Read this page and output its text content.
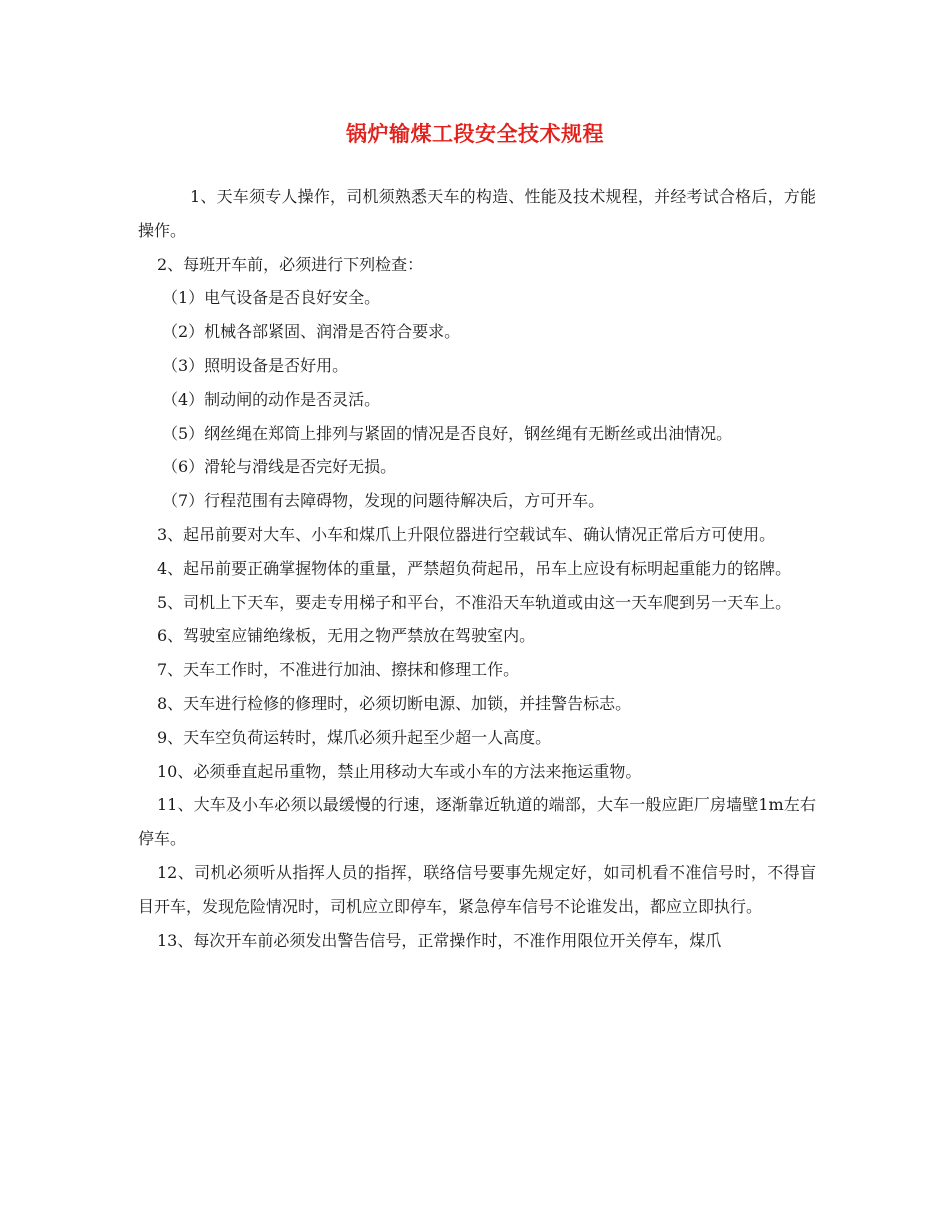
锅炉输煤工段安全技术规程

1、天车须专人操作，司机须熟悉天车的构造、性能及技术规程，并经考试合格后，方能操作。

2、每班开车前，必须进行下列检查：

（1）电气设备是否良好安全。

（2）机械各部紧固、润滑是否符合要求。

（3）照明设备是否好用。

（4）制动闸的动作是否灵活。

（5）纲丝绳在郑筒上排列与紧固的情况是否良好，钢丝绳有无断丝或出油情况。

（6）滑轮与滑线是否完好无损。

（7）行程范围有去障碍物，发现的问题待解决后，方可开车。

3、起吊前要对大车、小车和煤爪上升限位器进行空载试车、确认情况正常后方可使用。

4、起吊前要正确掌握物体的重量，严禁超负荷起吊，吊车上应设有标明起重能力的铭牌。

5、司机上下天车，要走专用梯子和平台，不准沿天车轨道或由这一天车爬到另一天车上。

6、驾驶室应铺绝缘板，无用之物严禁放在驾驶室内。

7、天车工作时，不准进行加油、擦抹和修理工作。

8、天车进行检修的修理时，必须切断电源、加锁，并挂警告标志。

9、天车空负荷运转时，煤爪必须升起至少超一人高度。

10、必须垂直起吊重物，禁止用移动大车或小车的方法来拖运重物。

11、大车及小车必须以最缓慢的行速，逐渐靠近轨道的端部，大车一般应距厂房墙壁1m左右停车。

12、司机必须听从指挥人员的指挥，联络信号要事先规定好，如司机看不准信号时，不得盲目开车，发现危险情况时，司机应立即停车，紧急停车信号不论谁发出，都应立即执行。

13、每次开车前必须发出警告信号，正常操作时，不准作用限位开关停车，煤爪
